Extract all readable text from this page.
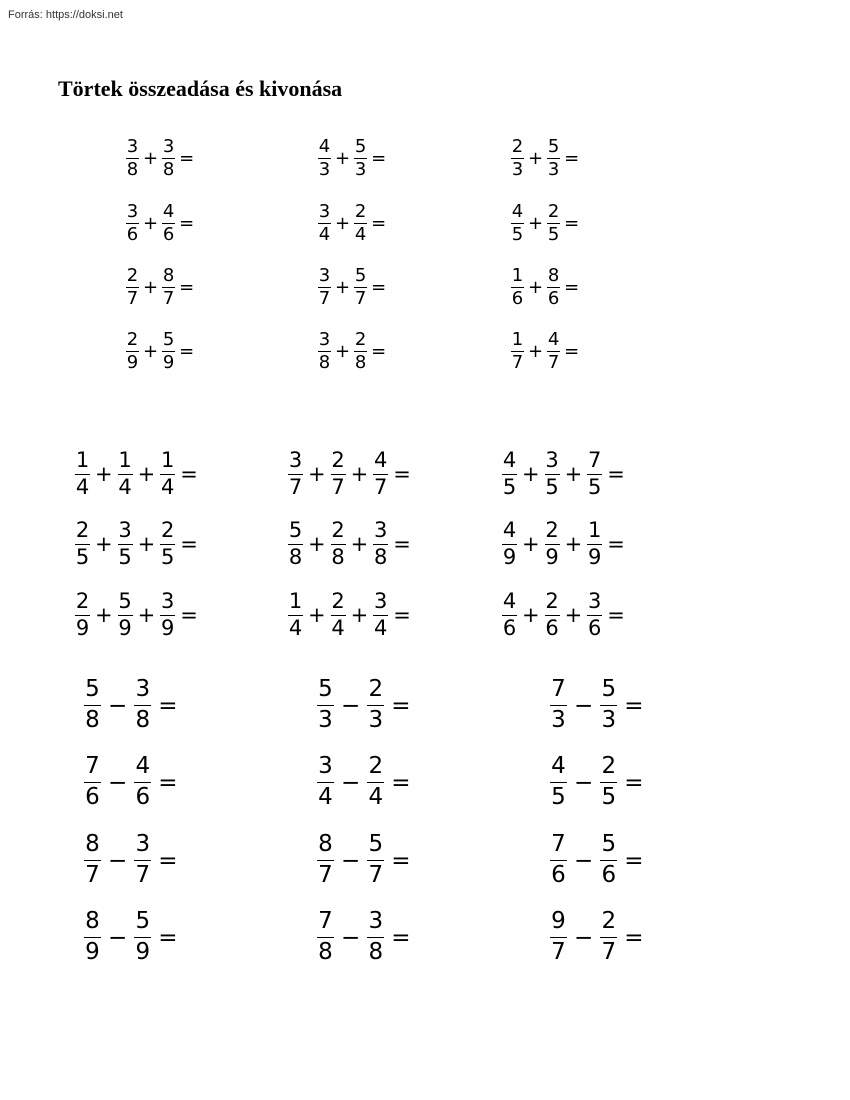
Forrás: https://doksi.net
Törtek összeadása és kivonása
$\frac{3}{8} + \frac{3}{8}$ =	$\frac{4}{3} + \frac{5}{3}$ =	$\frac{2}{3} + \frac{5}{3}$ =
$\frac{3}{6} + \frac{4}{6}$ =	$\frac{3}{4} + \frac{2}{4}$ =	$\frac{4}{5} + \frac{2}{5}$ =
$\frac{2}{7} + \frac{8}{7}$ =	$\frac{3}{7} + \frac{5}{7}$ =	$\frac{1}{6} + \frac{8}{6}$ =
$\frac{2}{9} + \frac{5}{9}$ =	$\frac{3}{8} + \frac{2}{8}$ =	$\frac{1}{7} + \frac{4}{7}$ =
$\frac{1}{4} + \frac{1}{4} + \frac{1}{4}$ =	$\frac{3}{7} + \frac{2}{7} + \frac{4}{7}$ =	$\frac{4}{5} + \frac{3}{5} + \frac{7}{5}$ =
$\frac{2}{5} + \frac{3}{5} + \frac{2}{5}$ =	$\frac{5}{8} + \frac{2}{8} + \frac{3}{8}$ =	$\frac{4}{9} + \frac{2}{9} + \frac{1}{9}$ =
$\frac{2}{9} + \frac{5}{9} + \frac{3}{9}$ =	$\frac{1}{4} + \frac{2}{4} + \frac{3}{4}$ =	$\frac{4}{6} + \frac{2}{6} + \frac{3}{6}$ =
$\frac{5}{8} - \frac{3}{8}$ =	$\frac{5}{3} - \frac{2}{3}$ =	$\frac{7}{3} - \frac{5}{3}$ =
$\frac{7}{6} - \frac{4}{6}$ =	$\frac{3}{4} - \frac{2}{4}$ =	$\frac{4}{5} - \frac{2}{5}$ =
$\frac{8}{7} - \frac{3}{7}$ =	$\frac{8}{7} - \frac{5}{7}$ =	$\frac{7}{6} - \frac{5}{6}$ =
$\frac{8}{9} - \frac{5}{9}$ =	$\frac{7}{8} - \frac{3}{8}$ =	$\frac{9}{7} - \frac{2}{7}$ =
